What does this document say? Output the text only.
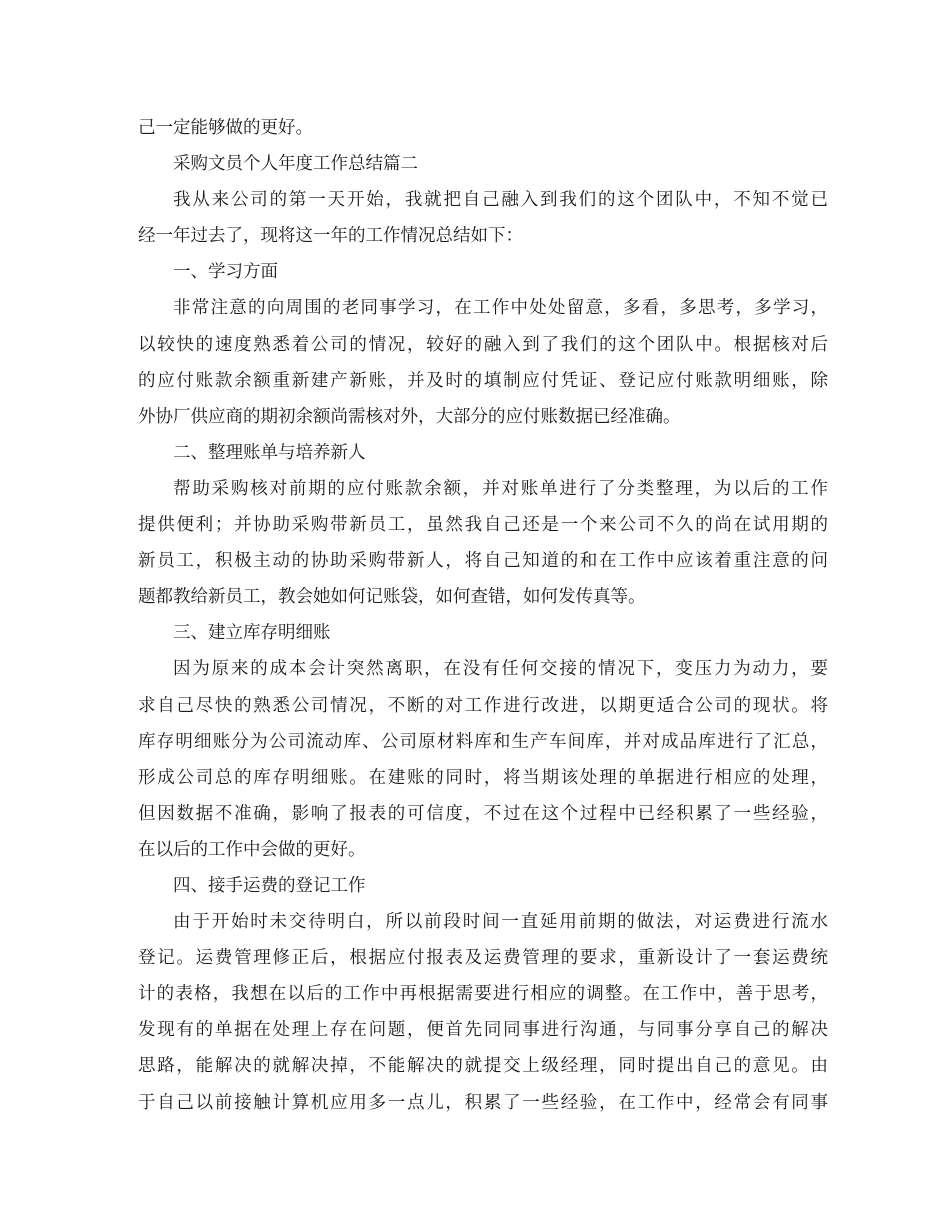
己一定能够做的更好。
采购文员个人年度工作总结篇二
我从来公司的第一天开始，我就把自己融入到我们的这个团队中，不知不觉已
经一年过去了，现将这一年的工作情况总结如下：
一、学习方面
非常注意的向周围的老同事学习，在工作中处处留意，多看，多思考，多学习，
以较快的速度熟悉着公司的情况，较好的融入到了我们的这个团队中。根据核对后
的应付账款余额重新建产新账，并及时的填制应付凭证、登记应付账款明细账，除
外协厂供应商的期初余额尚需核对外，大部分的应付账数据已经准确。
二、整理账单与培养新人
帮助采购核对前期的应付账款余额，并对账单进行了分类整理，为以后的工作
提供便利；并协助采购带新员工，虽然我自己还是一个来公司不久的尚在试用期的
新员工，积极主动的协助采购带新人，将自己知道的和在工作中应该着重注意的问
题都教给新员工，教会她如何记账袋，如何查错，如何发传真等。
三、建立库存明细账
因为原来的成本会计突然离职，在没有任何交接的情况下，变压力为动力，要
求自己尽快的熟悉公司情况，不断的对工作进行改进，以期更适合公司的现状。将
库存明细账分为公司流动库、公司原材料库和生产车间库，并对成品库进行了汇总，
形成公司总的库存明细账。在建账的同时，将当期该处理的单据进行相应的处理，
但因数据不准确，影响了报表的可信度，不过在这个过程中已经积累了一些经验，
在以后的工作中会做的更好。
四、接手运费的登记工作
由于开始时未交待明白，所以前段时间一直延用前期的做法，对运费进行流水
登记。运费管理修正后，根据应付报表及运费管理的要求，重新设计了一套运费统
计的表格，我想在以后的工作中再根据需要进行相应的调整。在工作中，善于思考，
发现有的单据在处理上存在问题，便首先同同事进行沟通，与同事分享自己的解决
思路，能解决的就解决掉，不能解决的就提交上级经理，同时提出自己的意见。由
于自己以前接触计算机应用多一点儿，积累了一些经验，在工作中，经常会有同事
